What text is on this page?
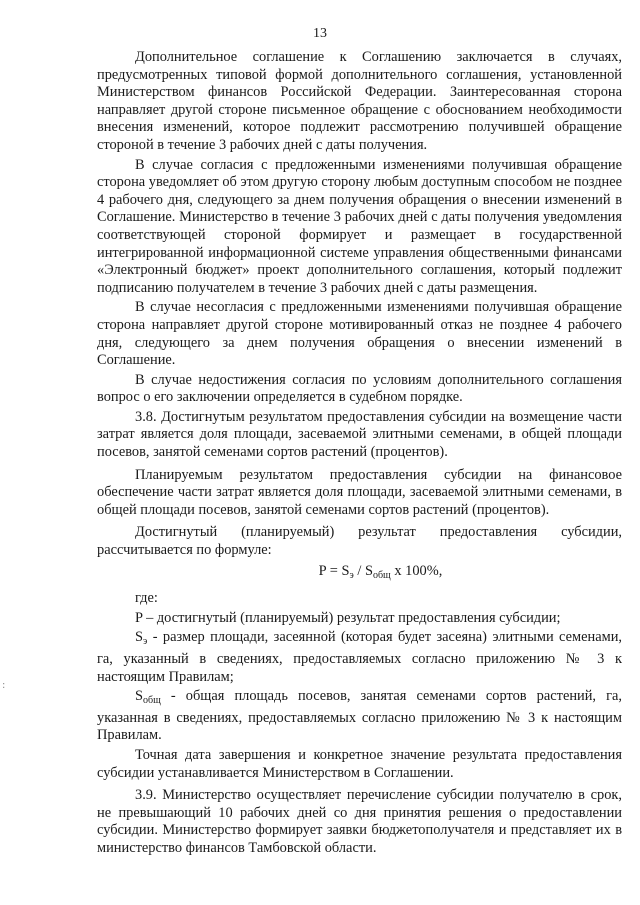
13
:

Дополнительное соглашение к Соглашению заключается в случаях, предусмотренных типовой формой дополнительного соглашения, установленной Министерством финансов Российской Федерации. Заинтересованная сторона направляет другой стороне письменное обращение с обоснованием необходимости внесения изменений, которое подлежит рассмотрению получившей обращение стороной в течение 3 рабочих дней с даты получения.

В случае согласия с предложенными изменениями получившая обращение сторона уведомляет об этом другую сторону любым доступным способом не позднее 4 рабочего дня, следующего за днем получения обращения о внесении изменений в Соглашение. Министерство в течение 3 рабочих дней с даты получения уведомления соответствующей стороной формирует и размещает в государственной интегрированной информационной системе управления общественными финансами «Электронный бюджет» проект дополнительного соглашения, который подлежит подписанию получателем в течение 3 рабочих дней с даты размещения.

В случае несогласия с предложенными изменениями получившая обращение сторона направляет другой стороне мотивированный отказ не позднее 4 рабочего дня, следующего за днем получения обращения о внесении изменений в Соглашение.

В случае недостижения согласия по условиям дополнительного соглашения вопрос о его заключении определяется в судебном порядке.

3.8. Достигнутым результатом предоставления субсидии на возмещение части затрат является доля площади, засеваемой элитными семенами, в общей площади посевов, занятой семенами сортов растений (процентов).

Планируемым результатом предоставления субсидии на финансовое обеспечение части затрат является доля площади, засеваемой элитными семенами, в общей площади посевов, занятой семенами сортов растений (процентов).

Достигнутый (планируемый) результат предоставления субсидии, рассчитывается по формуле:

$P = S_э / S_{общ}$ x 100%,

где:

P – достигнутый (планируемый) результат предоставления субсидии;

$S_э$ - размер площади, засеянной (которая будет засеяна) элитными семенами, га, указанный в сведениях, предоставляемых согласно приложению № 3 к настоящим Правилам;

$S_{общ}$ - общая площадь посевов, занятая семенами сортов растений, га, указанная в сведениях, предоставляемых согласно приложению № 3 к настоящим Правилам.

Точная дата завершения и конкретное значение результата предоставления субсидии устанавливается Министерством в Соглашении.

3.9. Министерство осуществляет перечисление субсидии получателю в срок, не превышающий 10 рабочих дней со дня принятия решения о предоставлении субсидии. Министерство формирует заявки бюджетополучателя и представляет их в министерство финансов Тамбовской области.
